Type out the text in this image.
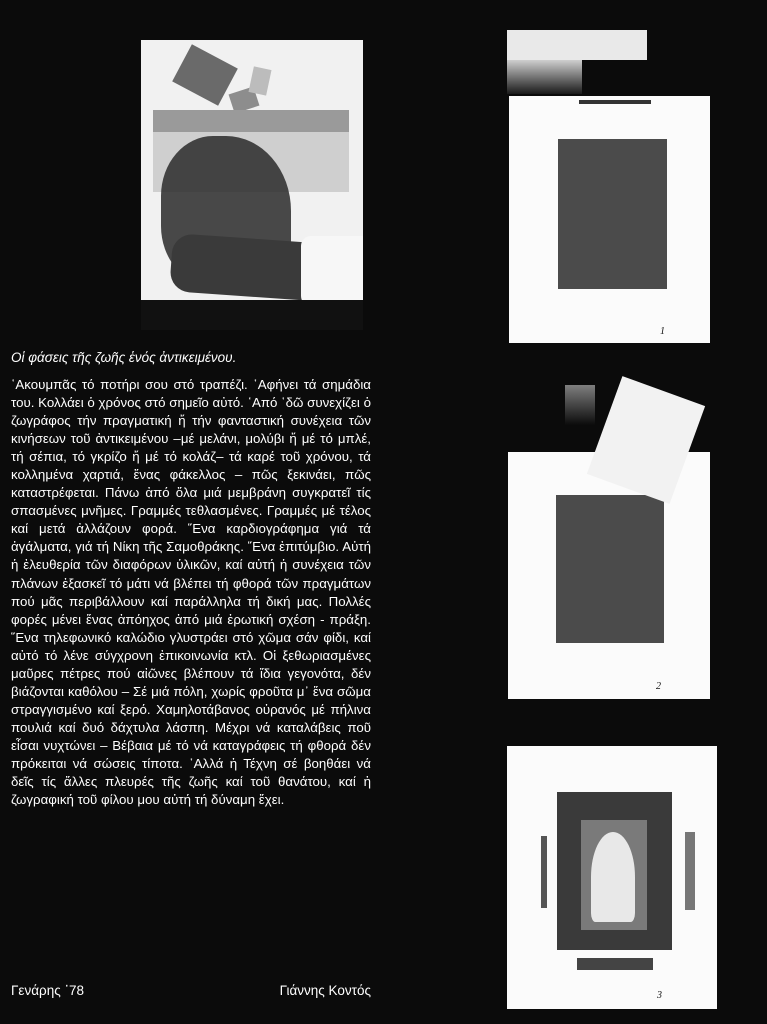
1
2
3
Οἱ φάσεις τῆς ζωῆς ἑνός ἀντικειμένου.
῾Ακουμπᾶς τό ποτήρι σου στό τραπέζι. ῾Αφήνει τά σημάδια του. Κολλάει ὁ χρόνος στό σημεῖο αὐτό. ῾Από ῾δῶ συνεχίζει ὁ ζωγράφος τήν πραγματική ἤ τήν φανταστική συνέχεια τῶν κινήσεων τοῦ ἀντικειμένου –μέ μελάνι, μολύβι ἤ μέ τό μπλέ, τή σέπια, τό γκρίζο ἤ μέ τό κολάζ– τά καρέ τοῦ χρόνου, τά κολλημένα χαρτιά, ἕνας φάκελλος – πῶς ξεκινάει, πῶς καταστρέφεται. Πάνω ἀπό ὅλα μιά μεμβράνη συγκρατεῖ τίς σπασμένες μνῆμες. Γραμμές τεθλασμένες. Γραμμές μέ τέλος καί μετά ἀλλάζουν φορά. ῞Ενα καρδιογράφημα γιά τά ἀγάλματα, γιά τή Νίκη τῆς Σαμοθράκης. ῞Ενα ἐπιτύμβιο. Αὐτή ἡ ἐλευθερία τῶν διαφόρων ὑλικῶν, καί αὐτή ἡ συνέχεια τῶν πλάνων ἐξασκεῖ τό μάτι νά βλέπει τή φθορά τῶν πραγμάτων πού μᾶς περιβάλλουν καί παράλληλα τή δική μας. Πολλές φορές μένει ἕνας ἀπόηχος ἀπό μιά ἐρωτική σχέση - πράξη. ῞Ενα τηλεφωνικό καλώδιο γλυστράει στό χῶμα σάν φίδι, καί αὐτό τό λένε σύγχρονη ἐπικοινωνία κτλ. Οἱ ξεθωριασμένες μαῦρες πέτρες πού αἰῶνες βλέπουν τά ἴδια γεγονότα, δέν βιάζονται καθόλου – Σέ μιά πόλη, χωρίς φροῦτα μ᾿ ἕνα σῶμα στραγγισμένο καί ξερό. Χαμηλοτάβανος οὐρανός μέ πήλινα πουλιά καί δυό δάχτυλα λάσπη. Μέχρι νά καταλάβεις ποῦ εἶσαι νυχτώνει – Βέβαια μέ τό νά καταγράφεις τή φθορά δέν πρόκειται νά σώσεις τίποτα. ῾Αλλά ἡ Τέχνη σέ βοηθάει νά δεῖς τίς ἄλλες πλευρές τῆς ζωῆς καί τοῦ θανάτου, καί ἡ ζωγραφική τοῦ φίλου μου αὐτή τή δύναμη ἔχει.
Γενάρης ᾿78	Γιάννης Κοντός
